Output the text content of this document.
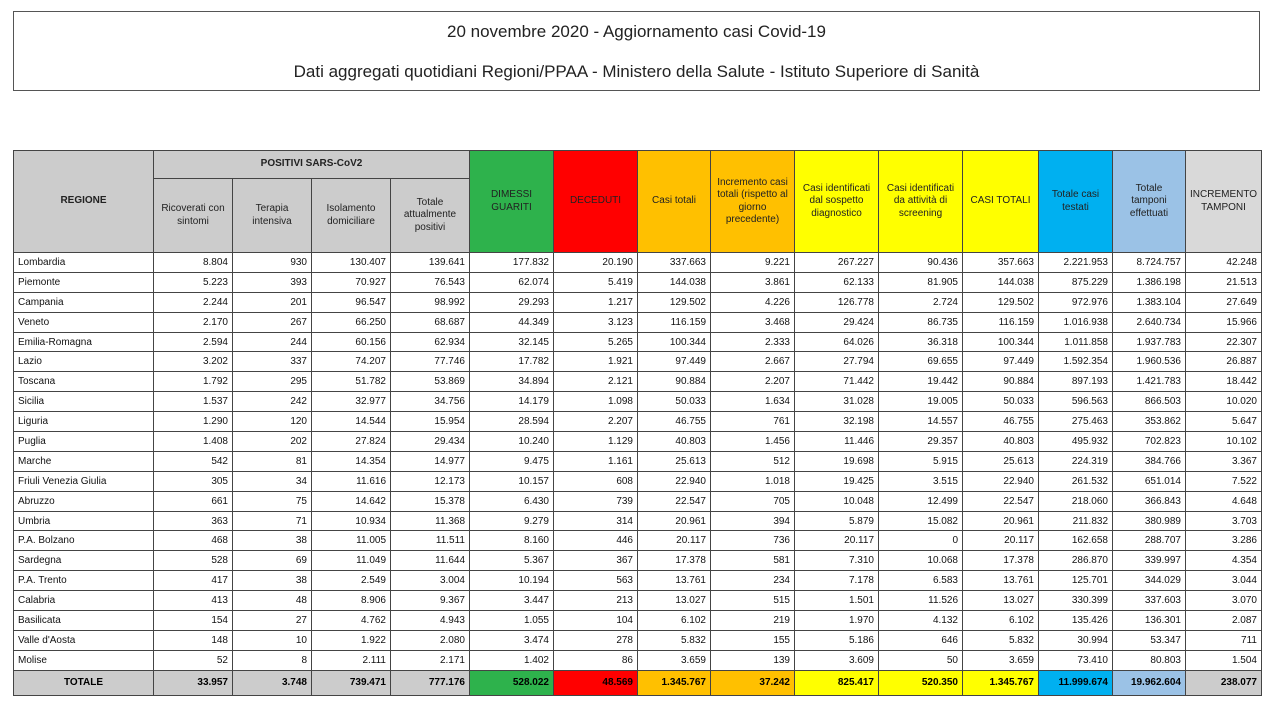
20 novembre 2020 - Aggiornamento casi Covid-19
Dati aggregati quotidiani Regioni/PPAA - Ministero della Salute - Istituto Superiore di Sanità
REGIONE	POSITIVI SARS-CoV2				DIMESSI GUARITI	DECEDUTI	Casi totali	Incremento casi totali (rispetto al giorno precedente)	Casi identificati dal sospetto diagnostico	Casi identificati da attività di screening	CASI TOTALI	Totale casi testati	Totale tamponi effettuati	INCREMENTO TAMPONI
	Ricoverati con sintomi	Terapia intensiva	Isolamento domiciliare	Totale attualmente positivi										
Lombardia	8.804	930	130.407	139.641	177.832	20.190	337.663	9.221	267.227	90.436	357.663	2.221.953	8.724.757	42.248
Piemonte	5.223	393	70.927	76.543	62.074	5.419	144.038	3.861	62.133	81.905	144.038	875.229	1.386.198	21.513
Campania	2.244	201	96.547	98.992	29.293	1.217	129.502	4.226	126.778	2.724	129.502	972.976	1.383.104	27.649
Veneto	2.170	267	66.250	68.687	44.349	3.123	116.159	3.468	29.424	86.735	116.159	1.016.938	2.640.734	15.966
Emilia-Romagna	2.594	244	60.156	62.934	32.145	5.265	100.344	2.333	64.026	36.318	100.344	1.011.858	1.937.783	22.307
Lazio	3.202	337	74.207	77.746	17.782	1.921	97.449	2.667	27.794	69.655	97.449	1.592.354	1.960.536	26.887
Toscana	1.792	295	51.782	53.869	34.894	2.121	90.884	2.207	71.442	19.442	90.884	897.193	1.421.783	18.442
Sicilia	1.537	242	32.977	34.756	14.179	1.098	50.033	1.634	31.028	19.005	50.033	596.563	866.503	10.020
Liguria	1.290	120	14.544	15.954	28.594	2.207	46.755	761	32.198	14.557	46.755	275.463	353.862	5.647
Puglia	1.408	202	27.824	29.434	10.240	1.129	40.803	1.456	11.446	29.357	40.803	495.932	702.823	10.102
Marche	542	81	14.354	14.977	9.475	1.161	25.613	512	19.698	5.915	25.613	224.319	384.766	3.367
Friuli Venezia Giulia	305	34	11.616	12.173	10.157	608	22.940	1.018	19.425	3.515	22.940	261.532	651.014	7.522
Abruzzo	661	75	14.642	15.378	6.430	739	22.547	705	10.048	12.499	22.547	218.060	366.843	4.648
Umbria	363	71	10.934	11.368	9.279	314	20.961	394	5.879	15.082	20.961	211.832	380.989	3.703
P.A. Bolzano	468	38	11.005	11.511	8.160	446	20.117	736	20.117	0	20.117	162.658	288.707	3.286
Sardegna	528	69	11.049	11.644	5.367	367	17.378	581	7.310	10.068	17.378	286.870	339.997	4.354
P.A. Trento	417	38	2.549	3.004	10.194	563	13.761	234	7.178	6.583	13.761	125.701	344.029	3.044
Calabria	413	48	8.906	9.367	3.447	213	13.027	515	1.501	11.526	13.027	330.399	337.603	3.070
Basilicata	154	27	4.762	4.943	1.055	104	6.102	219	1.970	4.132	6.102	135.426	136.301	2.087
Valle d'Aosta	148	10	1.922	2.080	3.474	278	5.832	155	5.186	646	5.832	30.994	53.347	711
Molise	52	8	2.111	2.171	1.402	86	3.659	139	3.609	50	3.659	73.410	80.803	1.504
TOTALE	33.957	3.748	739.471	777.176	528.022	48.569	1.345.767	37.242	825.417	520.350	1.345.767	11.999.674	19.962.604	238.077
